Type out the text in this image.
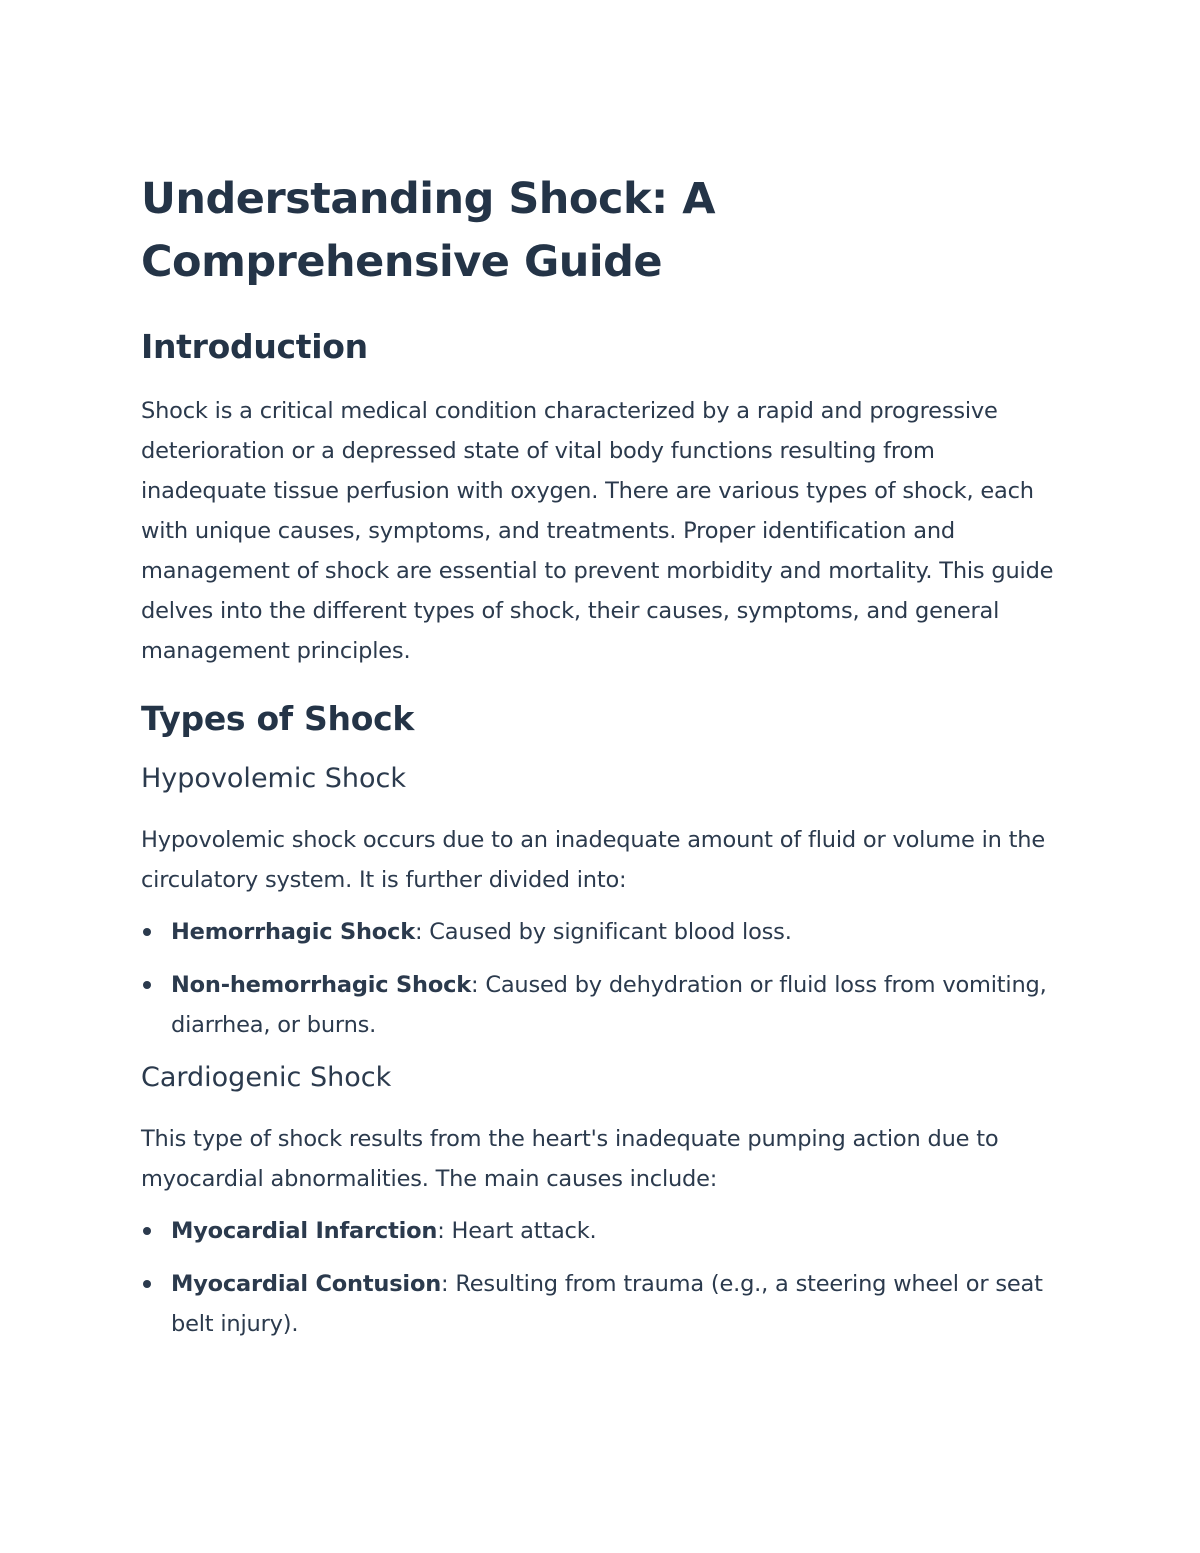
Understanding Shock: A Comprehensive Guide
Introduction

Shock is a critical medical condition characterized by a rapid and progressive deterioration or a depressed state of vital body functions resulting from inadequate tissue perfusion with oxygen. There are various types of shock, each with unique causes, symptoms, and treatments. Proper identification and management of shock are essential to prevent morbidity and mortality. This guide delves into the different types of shock, their causes, symptoms, and general management principles.

Types of Shock
Hypovolemic Shock

Hypovolemic shock occurs due to an inadequate amount of fluid or volume in the circulatory system. It is further divided into:

Hemorrhagic Shock: Caused by significant blood loss.
Non-hemorrhagic Shock: Caused by dehydration or fluid loss from vomiting, diarrhea, or burns.
Cardiogenic Shock

This type of shock results from the heart's inadequate pumping action due to myocardial abnormalities. The main causes include:

Myocardial Infarction: Heart attack.
Myocardial Contusion: Resulting from trauma (e.g., a steering wheel or seat belt injury).
